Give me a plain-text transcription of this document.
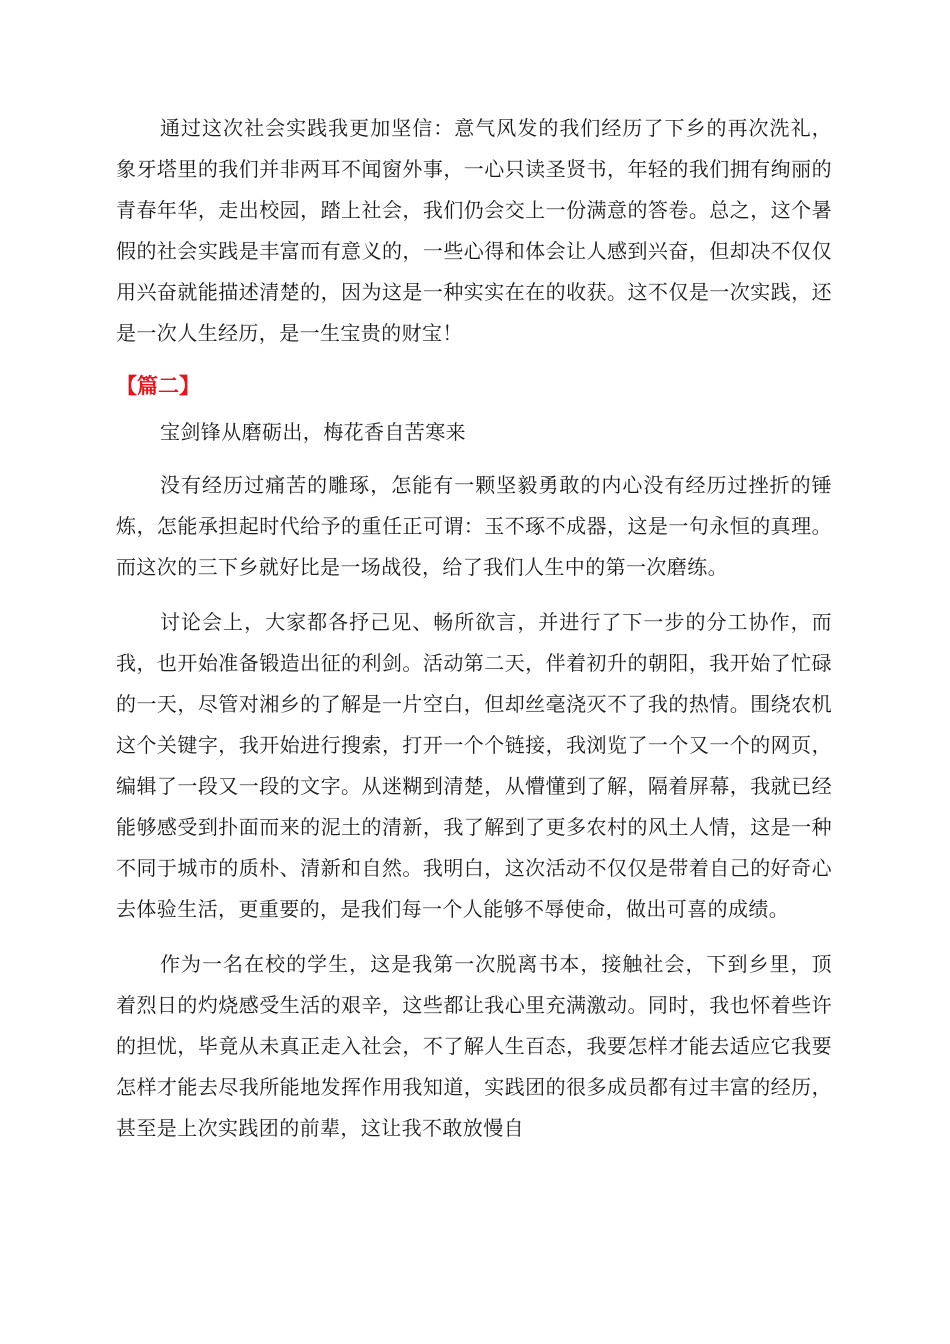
通过这次社会实践我更加坚信：意气风发的我们经历了下乡的再次洗礼，象牙塔里的我们并非两耳不闻窗外事，一心只读圣贤书，年轻的我们拥有绚丽的青春年华，走出校园，踏上社会，我们仍会交上一份满意的答卷。总之，这个暑假的社会实践是丰富而有意义的，一些心得和体会让人感到兴奋，但却决不仅仅用兴奋就能描述清楚的，因为这是一种实实在在的收获。这不仅是一次实践，还是一次人生经历，是一生宝贵的财宝！

【篇二】

宝剑锋从磨砺出，梅花香自苦寒来

没有经历过痛苦的雕琢，怎能有一颗坚毅勇敢的内心没有经历过挫折的锤炼，怎能承担起时代给予的重任正可谓：玉不琢不成器，这是一句永恒的真理。而这次的三下乡就好比是一场战役，给了我们人生中的第一次磨练。

讨论会上，大家都各抒己见、畅所欲言，并进行了下一步的分工协作，而我，也开始准备锻造出征的利剑。活动第二天，伴着初升的朝阳，我开始了忙碌的一天，尽管对湘乡的了解是一片空白，但却丝毫浇灭不了我的热情。围绕农机这个关键字，我开始进行搜索，打开一个个链接，我浏览了一个又一个的网页，编辑了一段又一段的文字。从迷糊到清楚，从懵懂到了解，隔着屏幕，我就已经能够感受到扑面而来的泥土的清新，我了解到了更多农村的风土人情，这是一种不同于城市的质朴、清新和自然。我明白，这次活动不仅仅是带着自己的好奇心去体验生活，更重要的，是我们每一个人能够不辱使命，做出可喜的成绩。

作为一名在校的学生，这是我第一次脱离书本，接触社会，下到乡里，顶着烈日的灼烧感受生活的艰辛，这些都让我心里充满激动。同时，我也怀着些许的担忧，毕竟从未真正走入社会，不了解人生百态，我要怎样才能去适应它我要怎样才能去尽我所能地发挥作用我知道，实践团的很多成员都有过丰富的经历，甚至是上次实践团的前辈，这让我不敢放慢自
